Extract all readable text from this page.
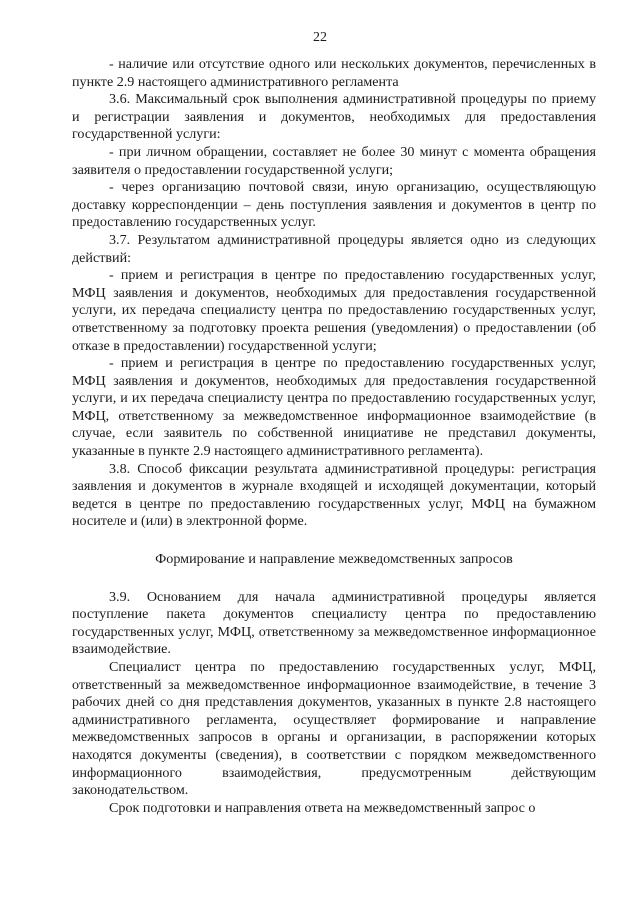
22

- наличие или отсутствие одного или нескольких документов, перечисленных в пункте 2.9 настоящего административного регламента

3.6. Максимальный срок выполнения административной процедуры по приему и регистрации заявления и документов, необходимых для предоставления государственной услуги:

- при личном обращении, составляет не более 30 минут с момента обращения заявителя о предоставлении государственной услуги;

- через организацию почтовой связи, иную организацию, осуществляющую доставку корреспонденции – день поступления заявления и документов в центр по предоставлению государственных услуг.

3.7. Результатом административной процедуры является одно из следующих действий:

- прием и регистрация в центре по предоставлению государственных услуг, МФЦ заявления и документов, необходимых для предоставления государственной услуги, их передача специалисту центра по предоставлению государственных услуг, ответственному за подготовку проекта решения (уведомления) о предоставлении (об отказе в предоставлении) государственной услуги;

- прием и регистрация в центре по предоставлению государственных услуг, МФЦ заявления и документов, необходимых для предоставления государственной услуги, и их передача специалисту центра по предоставлению государственных услуг, МФЦ, ответственному за межведомственное информационное взаимодействие (в случае, если заявитель по собственной инициативе не представил документы, указанные в пункте 2.9 настоящего административного регламента).

3.8. Способ фиксации результата административной процедуры: регистрация заявления и документов в журнале входящей и исходящей документации, который ведется в центре по предоставлению государственных услуг, МФЦ на бумажном носителе и (или) в электронной форме.

Формирование и направление межведомственных запросов

3.9. Основанием для начала административной процедуры является поступление пакета документов специалисту центра по предоставлению государственных услуг, МФЦ, ответственному за межведомственное информационное взаимодействие.

Специалист центра по предоставлению государственных услуг, МФЦ, ответственный за межведомственное информационное взаимодействие, в течение 3 рабочих дней со дня представления документов, указанных в пункте 2.8 настоящего административного регламента, осуществляет формирование и направление межведомственных запросов в органы и организации, в распоряжении которых находятся документы (сведения), в соответствии с порядком межведомственного информационного взаимодействия, предусмотренным действующим законодательством.

Срок подготовки и направления ответа на межведомственный запрос о
